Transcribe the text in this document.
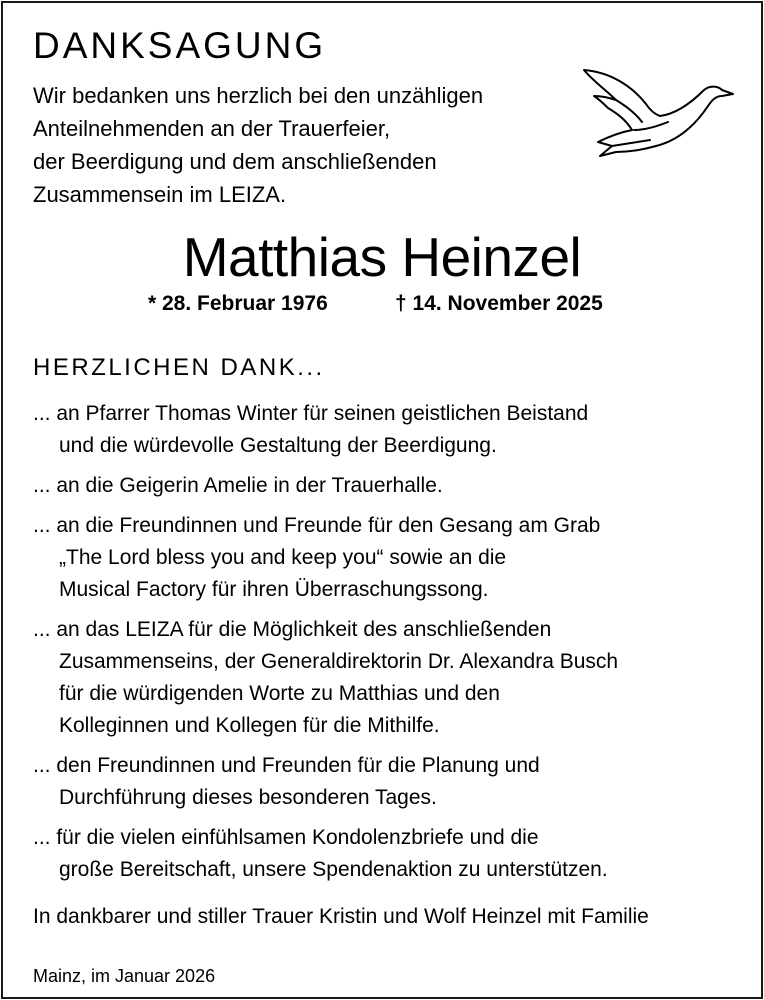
DANKSAGUNG

Wir bedanken uns herzlich bei den unzähligen
Anteilnehmenden an der Trauerfeier,
der Beerdigung und dem anschließenden
Zusammensein im LEIZA.

Matthias Heinzel
* 28. Februar 1976	† 14. November 2025
HERZLICHEN DANK...
... an Pfarrer Thomas Winter für seinen geistlichen Beistand
und die würdevolle Gestaltung der Beerdigung.
... an die Geigerin Amelie in der Trauerhalle.
... an die Freundinnen und Freunde für den Gesang am Grab
„The Lord bless you and keep you“ sowie an die
Musical Factory für ihren Überraschungssong.
... an das LEIZA für die Möglichkeit des anschließenden
Zusammenseins, der Generaldirektorin Dr. Alexandra Busch
für die würdigenden Worte zu Matthias und den
Kolleginnen und Kollegen für die Mithilfe.
... den Freundinnen und Freunden für die Planung und
Durchführung dieses besonderen Tages.
... für die vielen einfühlsamen Kondolenzbriefe und die
große Bereitschaft, unsere Spendenaktion zu unterstützen.

In dankbarer und stiller Trauer Kristin und Wolf Heinzel mit Familie

Mainz, im Januar 2026
